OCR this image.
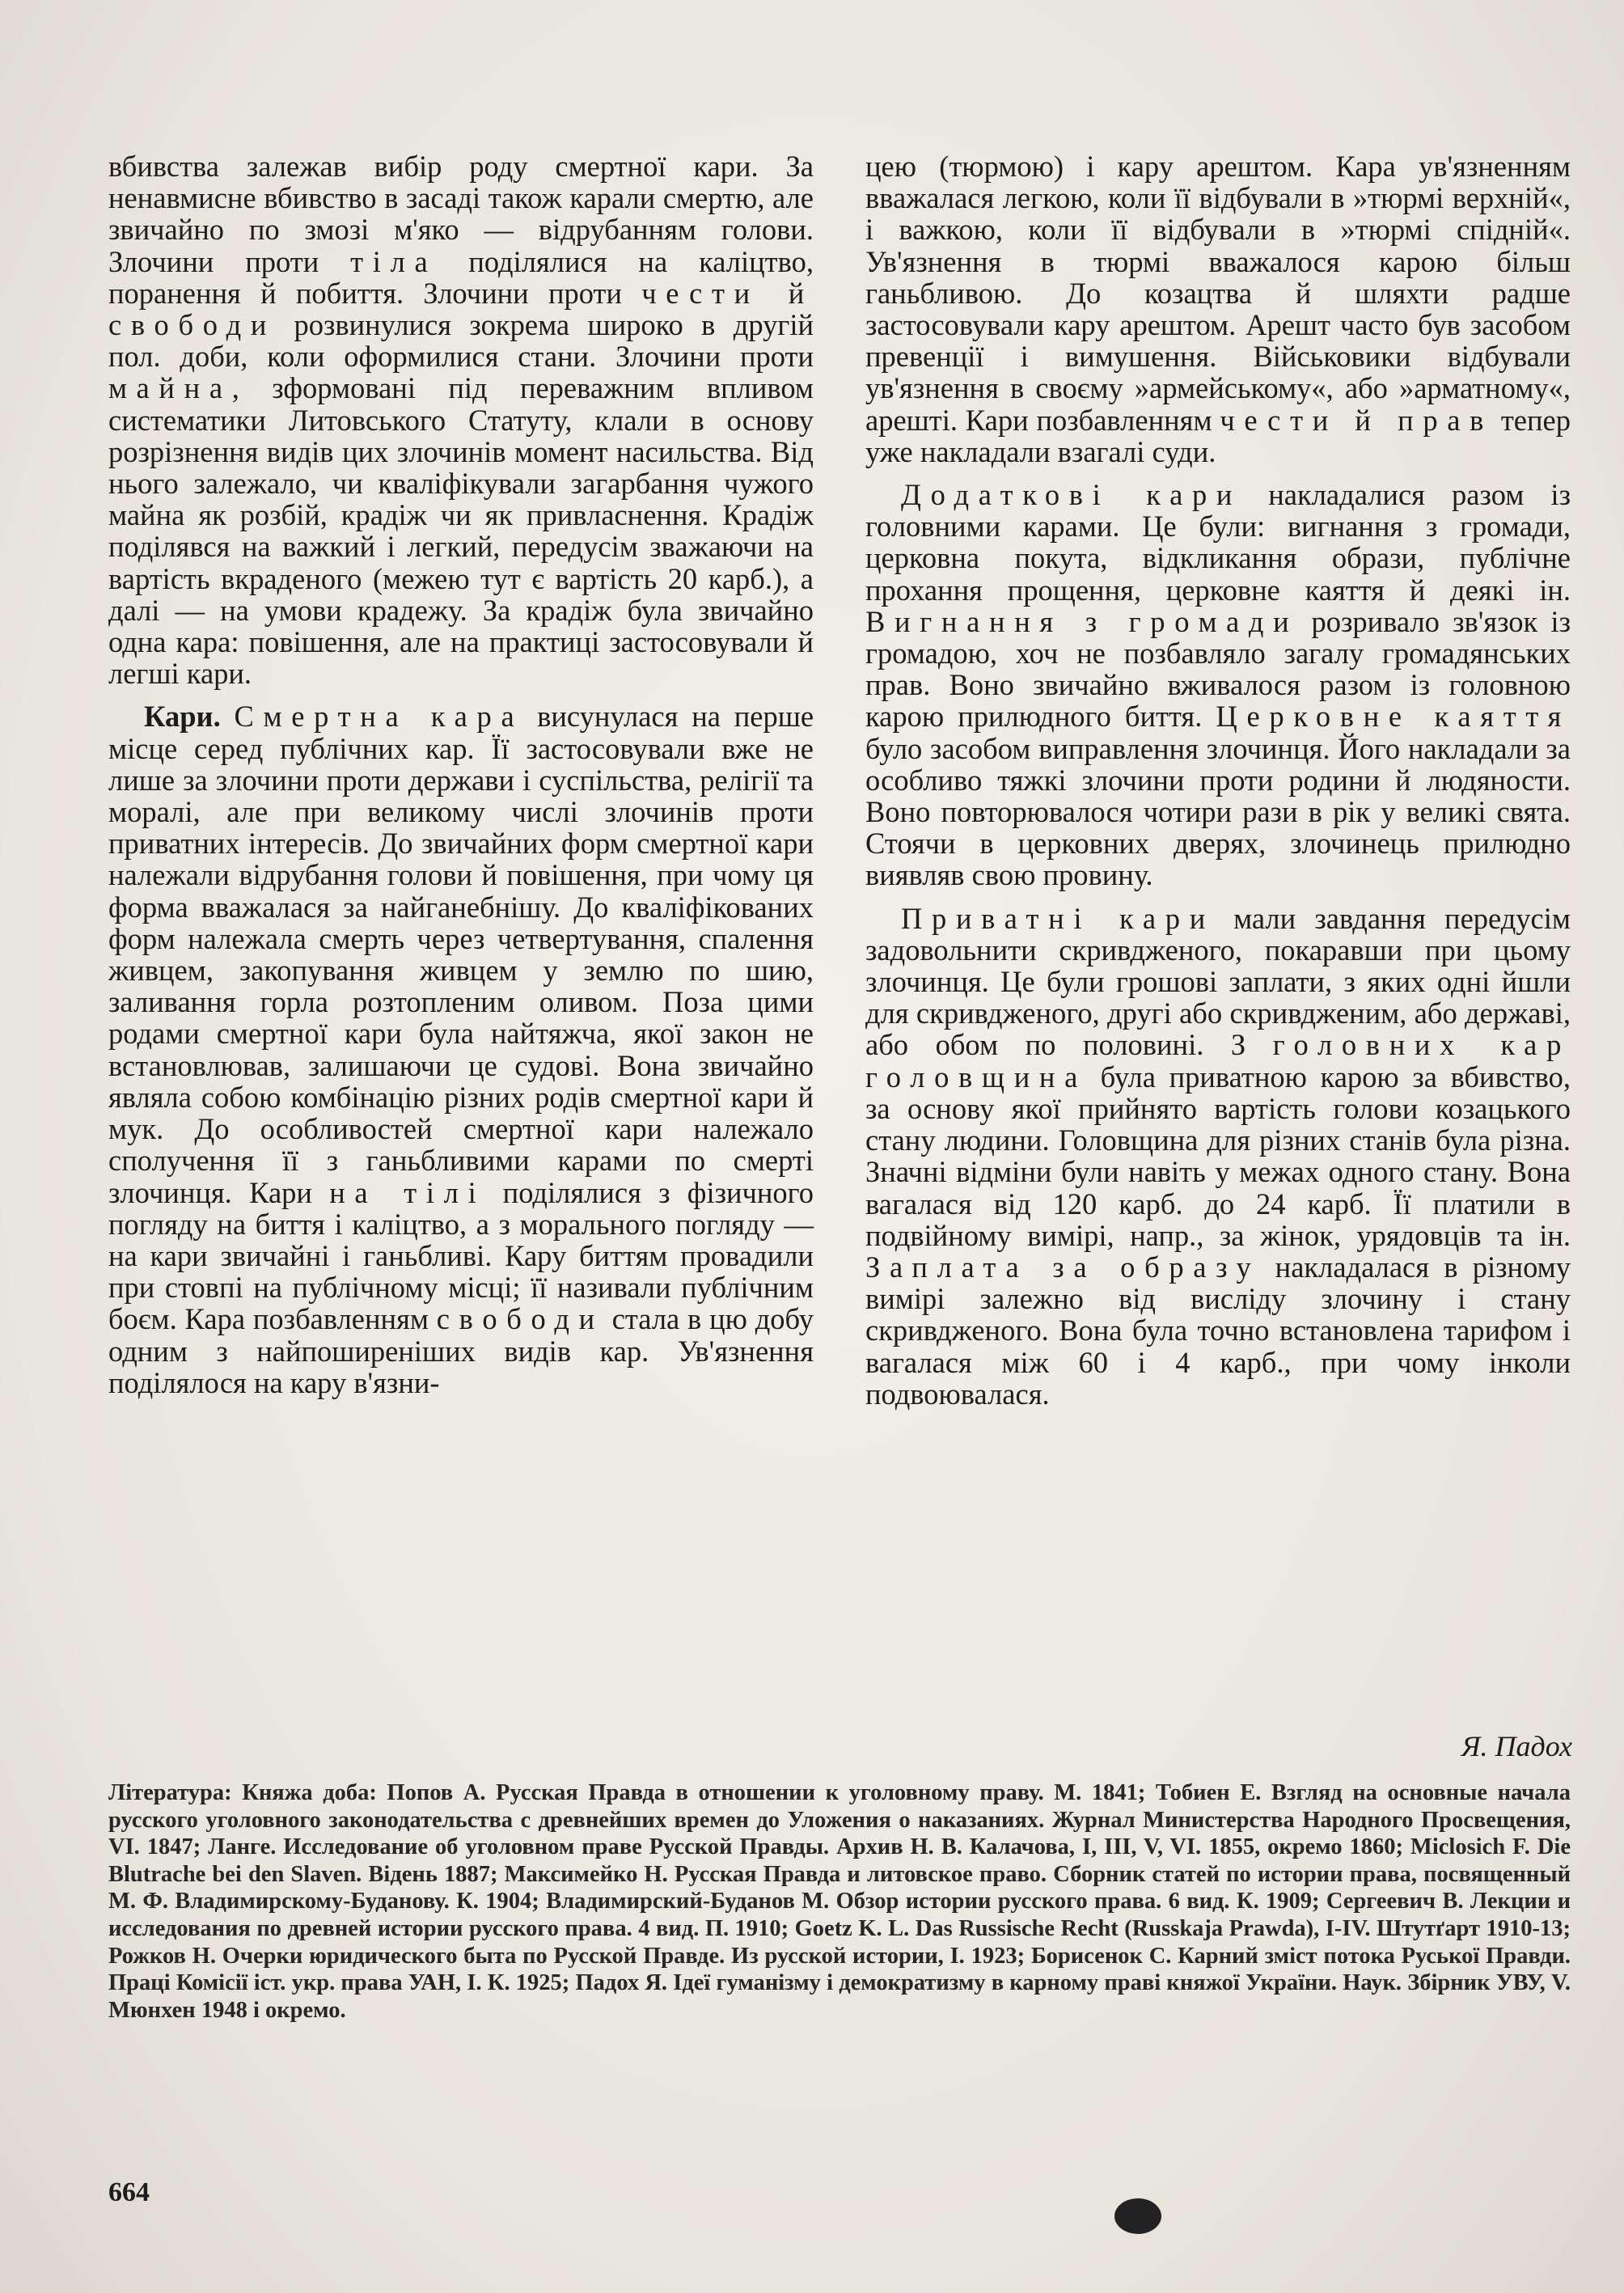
вбивства залежав вибір роду смертної кари. За ненавмисне вбивство в засаді також карали смертю, але звичайно по змозі м'яко — відрубанням голови. Злочини проти тіла поділялися на каліцтво, поранення й побиття. Злочини проти чести й свободи розвинулися зокрема широко в другій пол. доби, коли оформилися стани. Злочини проти майна, зформовані під переважним впливом систематики Литовського Статуту, клали в основу розрізнення видів цих злочинів момент насильства. Від нього залежало, чи кваліфікували загарбання чужого майна як розбій, крадіж чи як привласнення. Крадіж поділявся на важкий і легкий, передусім зважаючи на вартість вкраденого (межею тут є вартість 20 карб.), а далі — на умови крадежу. За крадіж була звичайно одна кара: повішення, але на практиці застосовували й легші кари.

Кари. Смертна кара висунулася на перше місце серед публічних кар. Її застосовували вже не лише за злочини проти держави і суспільства, релігії та моралі, але при великому числі злочинів проти приватних інтересів. До звичайних форм смертної кари належали відрубання голови й повішення, при чому ця форма вважалася за найганебнішу. До кваліфікованих форм належала смерть через четвертування, спалення живцем, закопування живцем у землю по шию, заливання горла розтопленим оливом. Поза цими родами смертної кари була найтяжча, якої закон не встановлював, залишаючи це судові. Вона звичайно являла собою комбінацію різних родів смертної кари й мук. До особливостей смертної кари належало сполучення її з ганьбливими карами по смерті злочинця. Кари на тілі поділялися з фізичного погляду на биття і каліцтво, а з морального погляду — на кари звичайні і ганьбливі. Кару биттям провадили при стовпі на публічному місці; її називали публічним боєм. Кара позбавленням свободи стала в цю добу одним з найпоширеніших видів кар. Ув'язнення поділялося на кару в'язни-

цею (тюрмою) і кару арештом. Кара ув'язненням вважалася легкою, коли її відбували в »тюрмі верхній«, і важкою, коли її відбували в »тюрмі спідній«. Ув'язнення в тюрмі вважалося карою більш ганьбливою. До козацтва й шляхти радше застосовували кару арештом. Арешт часто був засобом превенції і вимушення. Військовики відбували ув'язнення в своєму »армейському«, або »арматному«, арешті. Кари позбавленням чести й прав тепер уже накладали взагалі суди.

Додаткові кари накладалися разом із головними карами. Це були: вигнання з громади, церковна покута, відкликання образи, публічне прохання прощення, церковне каяття й деякі ін. Вигнання з громади розривало зв'язок із громадою, хоч не позбавляло загалу громадянських прав. Воно звичайно вживалося разом із головною карою прилюдного биття. Церковне каяття було засобом виправлення злочинця. Його накладали за особливо тяжкі злочини проти родини й людяности. Воно повторювалося чотири рази в рік у великі свята. Стоячи в церковних дверях, злочинець прилюдно виявляв свою провину.

Приватні кари мали завдання передусім задовольнити скривдженого, покаравши при цьому злочинця. Це були грошові заплати, з яких одні йшли для скривдженого, другі або скривдженим, або державі, або обом по половині. З головних кар головщина була приватною карою за вбивство, за основу якої прийнято вартість голови козацького стану людини. Головщина для різних станів була різна. Значні відміни були навіть у межах одного стану. Вона вагалася від 120 карб. до 24 карб. Її платили в подвійному вимірі, напр., за жінок, урядовців та ін. Заплата за образу накладалася в різному вимірі залежно від висліду злочину і стану скривдженого. Вона була точно встановлена тарифом і вагалася між 60 і 4 карб., при чому інколи подвоювалася.

Я. Падох
Література: Княжа доба: Попов А. Русская Правда в отношении к уголовному праву. М. 1841; Тобиен Е. Взгляд на основные начала русского уголовного законодательства с древнейших времен до Уложения о наказаниях. Журнал Министерства Народного Просвещения, VI. 1847; Ланге. Исследование об уголовном праве Русской Правды. Архив Н. В. Калачова, I, III, V, VI. 1855, окремо 1860; Miclosich F. Die Blutrache bei den Slaven. Відень 1887; Максимейко Н. Русская Правда и литовское право. Сборник статей по истории права, посвященный М. Ф. Владимирскому-Буданову. К. 1904; Владимирский-Буданов М. Обзор истории русского права. 6 вид. К. 1909; Сергеевич В. Лекции и исследования по древней истории русского права. 4 вид. П. 1910; Goetz K. L. Das Russische Recht (Russkaja Prawda), I-IV. Штутґарт 1910-13; Рожков Н. Очерки юридического быта по Русской Правде. Из русской истории, I. 1923; Борисенок С. Карний зміст потока Руської Правди. Праці Комісії іст. укр. права УАН, I. К. 1925; Падох Я. Ідеї гуманізму і демократизму в карному праві княжої України. Наук. Збірник УВУ, V. Мюнхен 1948 і окремо.
664
